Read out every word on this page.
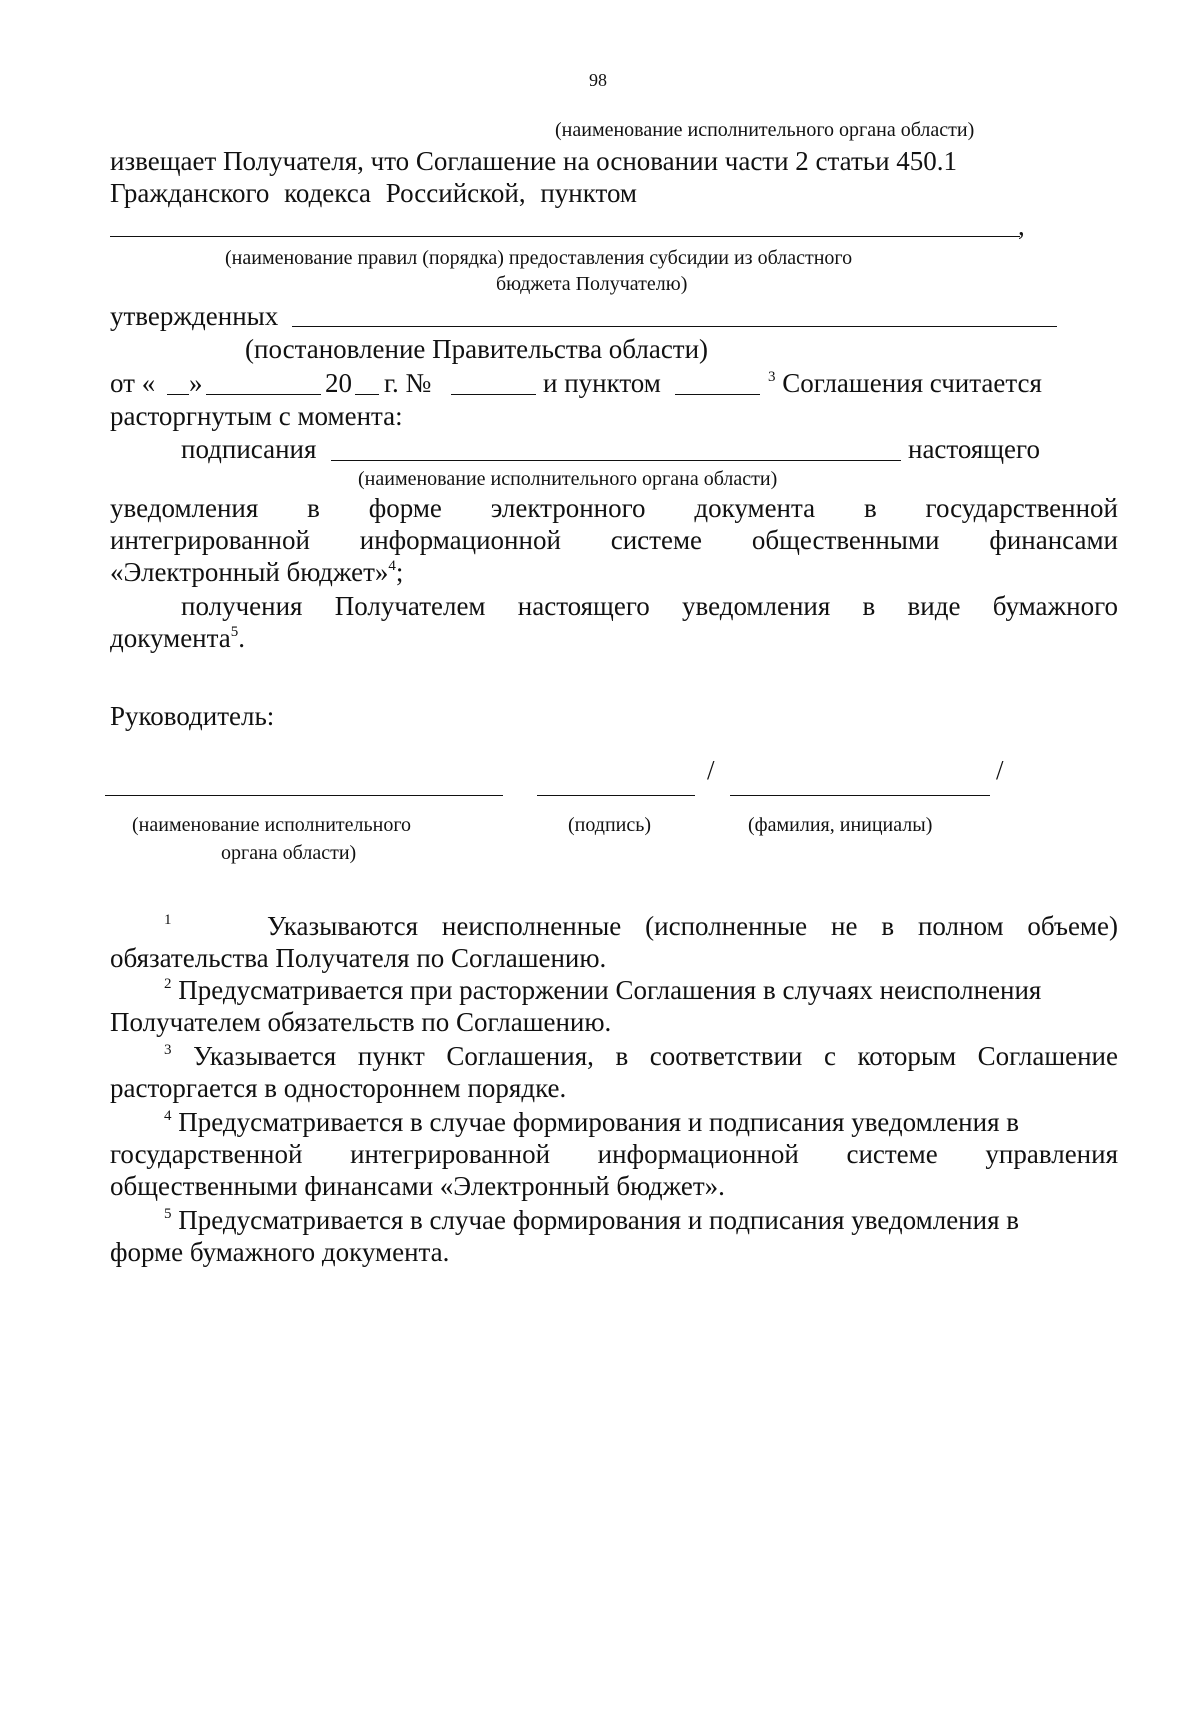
98
(наименование исполнительного органа области)
извещает Получателя, что Соглашение на основании части 2 статьи 450.1
Гражданского кодекса Российской, пунктом
,
(наименование правил (порядка) предоставления субсидии из областного
бюджета Получателю)
утвержденных
(постановление Правительства области)
от « »	20 г. №	и пунктом	$^3$ Соглашения считается
расторгнутым с момента:
подписания	настоящего
(наименование исполнительного органа области)
уведомления в форме электронного документа в государственной
интегрированной информационной системе общественными финансами
«Электронный бюджет»$^4$;
получения Получателем настоящего уведомления в виде бумажного
документа$^5$.
Руководитель:
/	/
(наименование исполнительного
органа области)
(подпись)	(фамилия, инициалы)
$^1$	Указываются неисполненные (исполненные не в полном объеме)
обязательства Получателя по Соглашению.
$^2$ Предусматривается при расторжении Соглашения в случаях неисполнения
Получателем обязательств по Соглашению.
$^3$ Указывается пункт Соглашения, в соответствии с которым Соглашение
расторгается в одностороннем порядке.
$^4$ Предусматривается в случае формирования и подписания уведомления в
государственной интегрированной информационной системе управления
общественными финансами «Электронный бюджет».
$^5$ Предусматривается в случае формирования и подписания уведомления в
форме бумажного документа.
